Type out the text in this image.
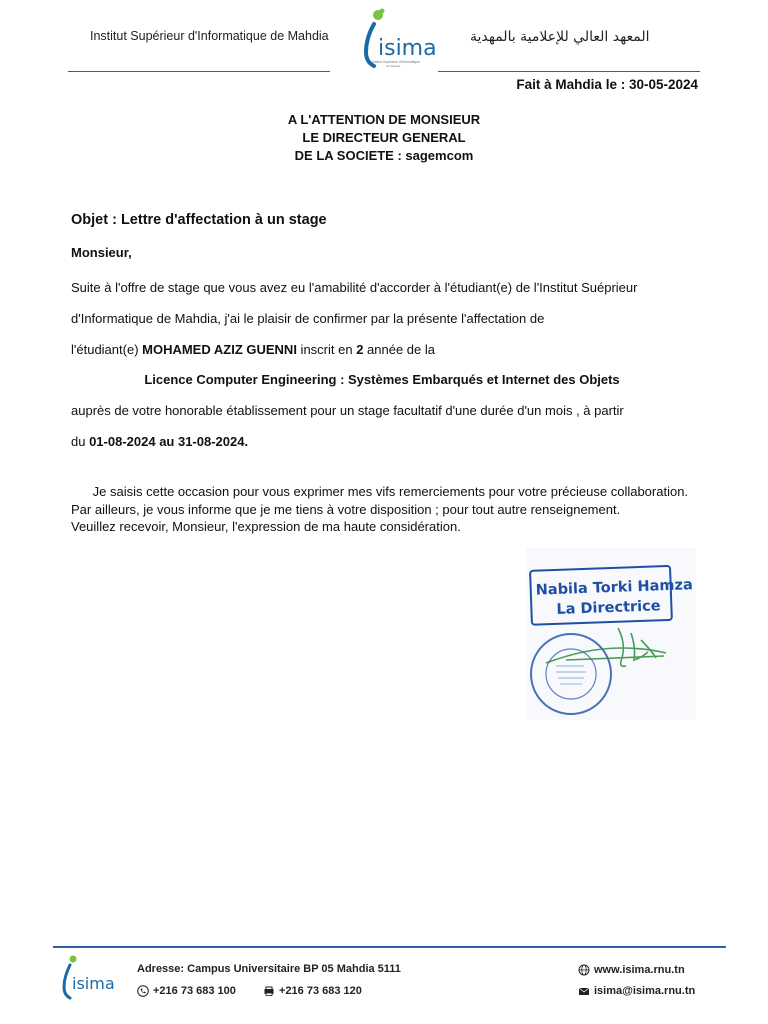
Institut Supérieur d'Informatique de Mahdia isima
Institut Supérieur d'Informatique
de Mahdia
المعهد العالي للإعلامية بالمهدية
Fait à Mahdia le : 30-05-2024
A L'ATTENTION DE MONSIEUR
LE DIRECTEUR GENERAL
DE LA SOCIETE : sagemcom
Objet : Lettre d'affectation à un stage
Monsieur,
Suite à l'offre de stage que vous avez eu l'amabilité d'accorder à l'étudiant(e) de l'Institut Suéprieur
d'Informatique de Mahdia, j'ai le plaisir de confirmer par la présente l'affectation de
l'étudiant(e) MOHAMED AZIZ GUENNI inscrit en 2 année de la
Licence Computer Engineering : Systèmes Embarqués et Internet des Objets
auprès de votre honorable établissement pour un stage facultatif d'une durée d'un mois , à partir
du 01-08-2024 au 31-08-2024.
Je saisis cette occasion pour vous exprimer mes vifs remerciements pour votre précieuse collaboration.
Par ailleurs, je vous informe que je me tiens à votre disposition ; pour tout autre renseignement.
Veuillez recevoir, Monsieur, l'expression de ma haute considération.
Nabila Torki Hamza
La Directrice
isima
Adresse: Campus Universitaire BP 05 Mahdia 5111
+216 73 683 100	+216 73 683 120
www.isima.rnu.tn
isima@isima.rnu.tn
